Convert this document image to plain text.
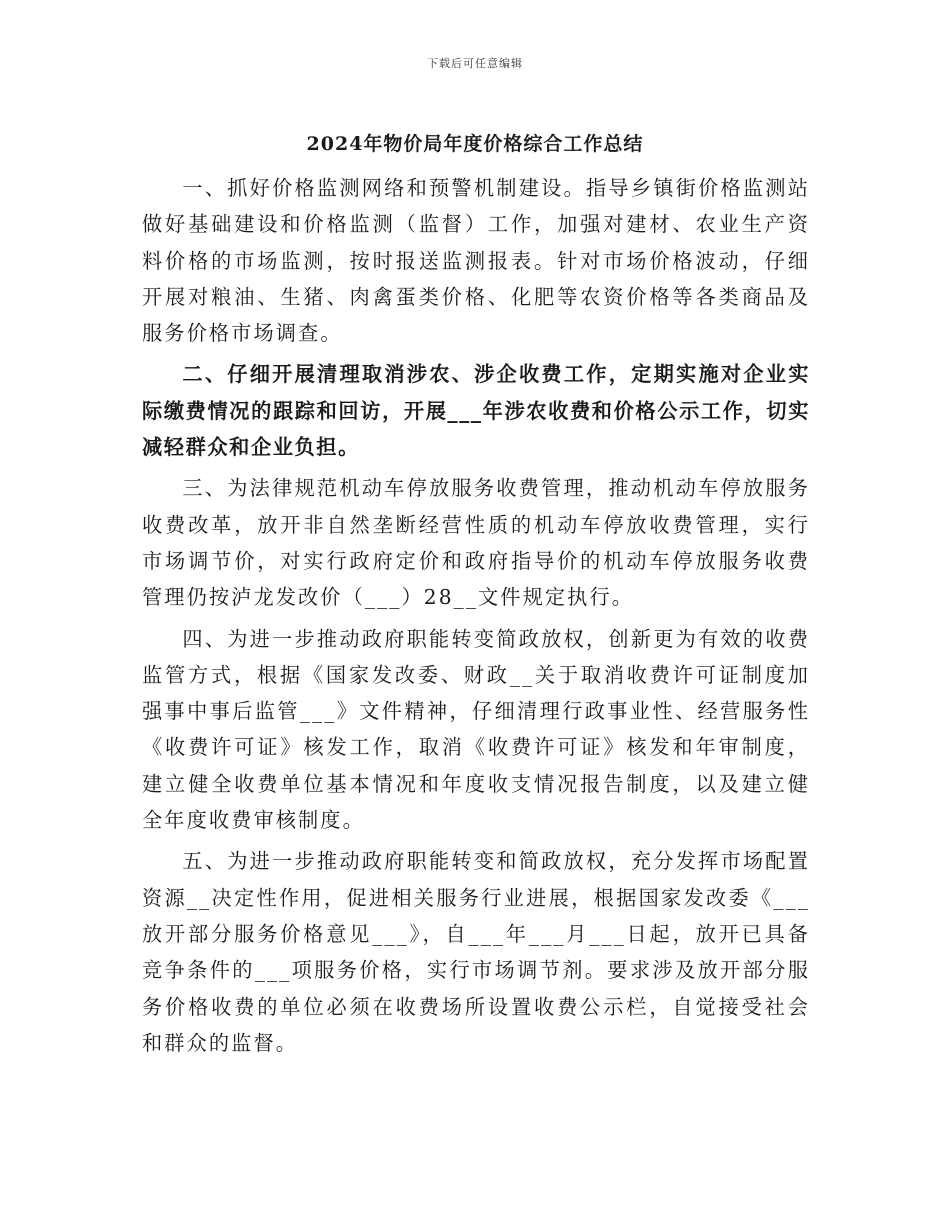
下载后可任意编辑
2024年物价局年度价格综合工作总结

一、抓好价格监测网络和预警机制建设。指导乡镇街价格监测站做好基础建设和价格监测（监督）工作，加强对建材、农业生产资料价格的市场监测，按时报送监测报表。针对市场价格波动，仔细开展对粮油、生猪、肉禽蛋类价格、化肥等农资价格等各类商品及服务价格市场调查。

二、仔细开展清理取消涉农、涉企收费工作，定期实施对企业实际缴费情况的跟踪和回访，开展___年涉农收费和价格公示工作，切实减轻群众和企业负担。

三、为法律规范机动车停放服务收费管理，推动机动车停放服务收费改革，放开非自然垄断经营性质的机动车停放收费管理，实行市场调节价，对实行政府定价和政府指导价的机动车停放服务收费管理仍按泸龙发改价（___）28__文件规定执行。

四、为进一步推动政府职能转变简政放权，创新更为有效的收费监管方式，根据《国家发改委、财政__关于取消收费许可证制度加强事中事后监管___》文件精神，仔细清理行政事业性、经营服务性《收费许可证》核发工作，取消《收费许可证》核发和年审制度，建立健全收费单位基本情况和年度收支情况报告制度，以及建立健全年度收费审核制度。

五、为进一步推动政府职能转变和简政放权，充分发挥市场配置资源__决定性作用，促进相关服务行业进展，根据国家发改委《___放开部分服务价格意见___》，自___年___月___日起，放开已具备竞争条件的___项服务价格，实行市场调节剂。要求涉及放开部分服务价格收费的单位必须在收费场所设置收费公示栏，自觉接受社会和群众的监督。
